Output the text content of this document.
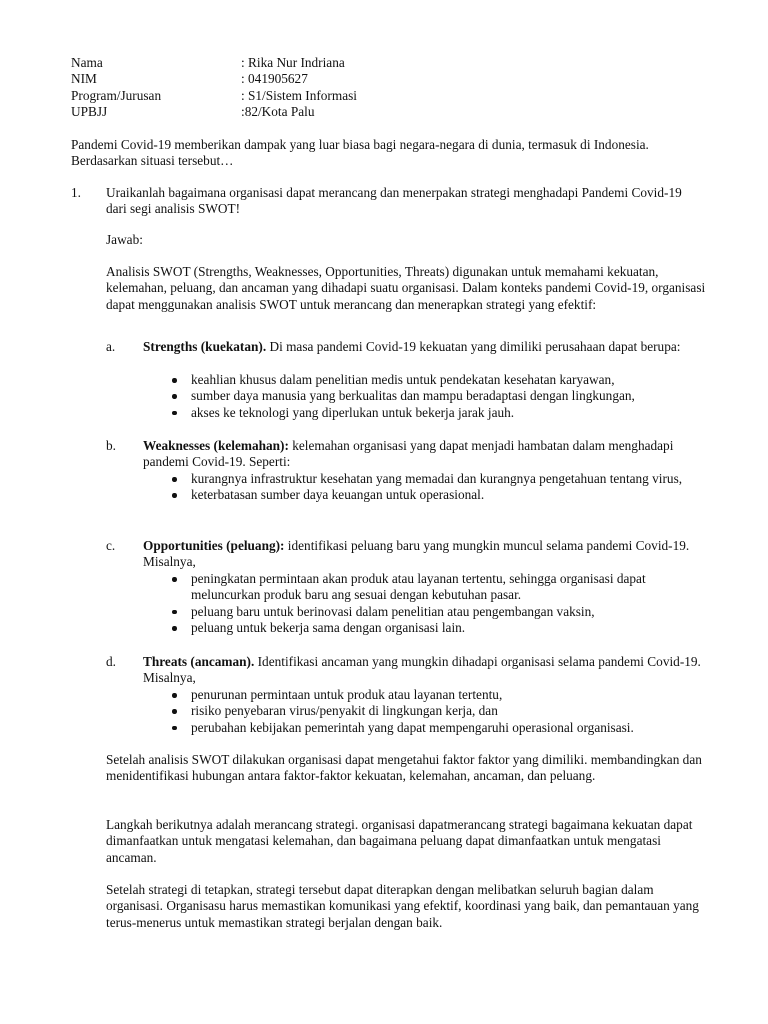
Nama	: Rika Nur Indriana
NIM	: 041905627
Program/Jurusan	: S1/Sistem Informasi
UPBJJ	:82/Kota Palu

Pandemi Covid-19 memberikan dampak yang luar biasa bagi negara-negara di dunia, termasuk di Indonesia. Berdasarkan situasi tersebut…

1. Uraikanlah bagaimana organisasi dapat merancang dan menerpakan strategi menghadapi Pandemi Covid-19 dari segi analisis SWOT!

Jawab:

Analisis SWOT (Strengths, Weaknesses, Opportunities, Threats) digunakan untuk memahami kekuatan, kelemahan, peluang, dan ancaman yang dihadapi suatu organisasi. Dalam konteks pandemi Covid-19, organisasi dapat menggunakan analisis SWOT untuk merancang dan menerapkan strategi yang efektif:

a. Strengths (kuekatan). Di masa pandemi Covid-19 kekuatan yang dimiliki perusahaan dapat berupa:

keahlian khusus dalam penelitian medis untuk pendekatan kesehatan karyawan,
sumber daya manusia yang berkualitas dan mampu beradaptasi dengan lingkungan,
akses ke teknologi yang diperlukan untuk bekerja jarak jauh.
b. Weaknesses (kelemahan): kelemahan organisasi yang dapat menjadi hambatan dalam menghadapi pandemi Covid-19. Seperti:

kurangnya infrastruktur kesehatan yang memadai dan kurangnya pengetahuan tentang virus,
keterbatasan sumber daya keuangan untuk operasional.
c. Opportunities (peluang): identifikasi peluang baru yang mungkin muncul selama pandemi Covid-19. Misalnya,

peningkatan permintaan akan produk atau layanan tertentu, sehingga organisasi dapat meluncurkan produk baru ang sesuai dengan kebutuhan pasar.
peluang baru untuk berinovasi dalam penelitian atau pengembangan vaksin,
peluang untuk bekerja sama dengan organisasi lain.
d. Threats (ancaman). Identifikasi ancaman yang mungkin dihadapi organisasi selama pandemi Covid-19. Misalnya,

penurunan permintaan untuk produk atau layanan tertentu,
risiko penyebaran virus/penyakit di lingkungan kerja, dan
perubahan kebijakan pemerintah yang dapat mempengaruhi operasional organisasi.

Setelah analisis SWOT dilakukan organisasi dapat mengetahui faktor faktor yang dimiliki. membandingkan dan menidentifikasi hubungan antara faktor-faktor kekuatan, kelemahan, ancaman, dan peluang.

Langkah berikutnya adalah merancang strategi. organisasi dapatmerancang strategi bagaimana kekuatan dapat dimanfaatkan untuk mengatasi kelemahan, dan bagaimana peluang dapat dimanfaatkan untuk mengatasi ancaman.

Setelah strategi di tetapkan, strategi tersebut dapat diterapkan dengan melibatkan seluruh bagian dalam organisasi. Organisasu harus memastikan komunikasi yang efektif, koordinasi yang baik, dan pemantauan yang terus-menerus untuk memastikan strategi berjalan dengan baik.
